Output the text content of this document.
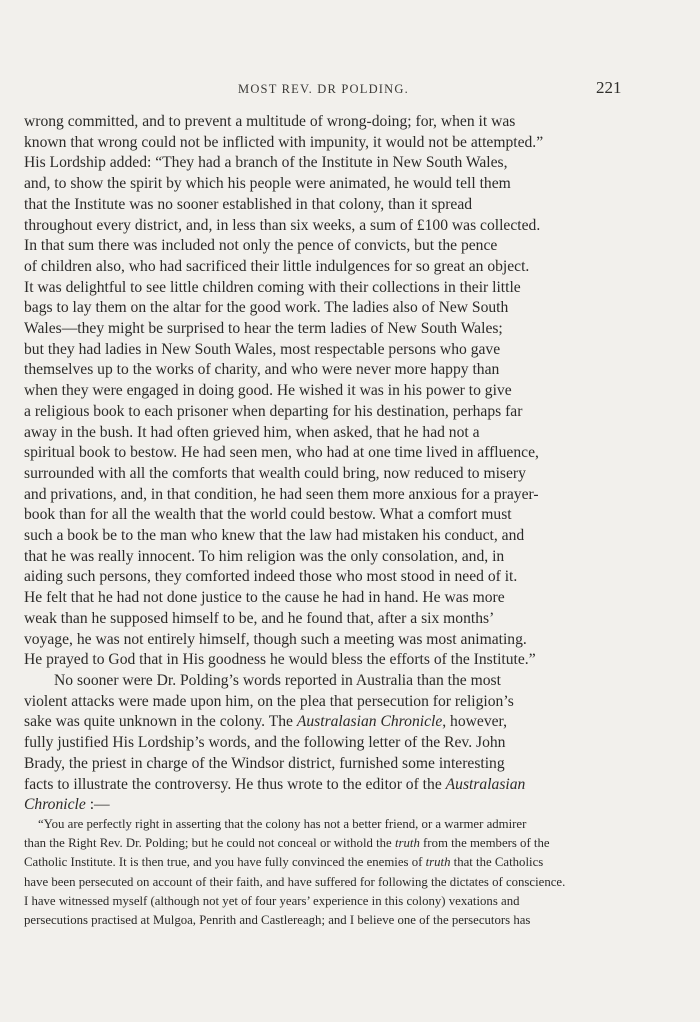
MOST REV. DR POLDING.	221
wrong committed, and to prevent a multitude of wrong-doing; for, when it was
known that wrong could not be inflicted with impunity, it would not be attempted.”
His Lordship added: “They had a branch of the Institute in New South Wales,
and, to show the spirit by which his people were animated, he would tell them
that the Institute was no sooner established in that colony, than it spread
throughout every district, and, in less than six weeks, a sum of £100 was collected.
In that sum there was included not only the pence of convicts, but the pence
of children also, who had sacrificed their little indulgences for so great an object.
It was delightful to see little children coming with their collections in their little
bags to lay them on the altar for the good work. The ladies also of New South
Wales—they might be surprised to hear the term ladies of New South Wales;
but they had ladies in New South Wales, most respectable persons who gave
themselves up to the works of charity, and who were never more happy than
when they were engaged in doing good. He wished it was in his power to give
a religious book to each prisoner when departing for his destination, perhaps far
away in the bush. It had often grieved him, when asked, that he had not a
spiritual book to bestow. He had seen men, who had at one time lived in affluence,
surrounded with all the comforts that wealth could bring, now reduced to misery
and privations, and, in that condition, he had seen them more anxious for a prayer-
book than for all the wealth that the world could bestow. What a comfort must
such a book be to the man who knew that the law had mistaken his conduct, and
that he was really innocent. To him religion was the only consolation, and, in
aiding such persons, they comforted indeed those who most stood in need of it.
He felt that he had not done justice to the cause he had in hand. He was more
weak than he supposed himself to be, and he found that, after a six months’
voyage, he was not entirely himself, though such a meeting was most animating.
He prayed to God that in His goodness he would bless the efforts of the Institute.”
No sooner were Dr. Polding’s words reported in Australia than the most
violent attacks were made upon him, on the plea that persecution for religion’s
sake was quite unknown in the colony. The Australasian Chronicle, however,
fully justified His Lordship’s words, and the following letter of the Rev. John
Brady, the priest in charge of the Windsor district, furnished some interesting
facts to illustrate the controversy. He thus wrote to the editor of the Australasian
Chronicle :—
“You are perfectly right in asserting that the colony has not a better friend, or a warmer admirer
than the Right Rev. Dr. Polding; but he could not conceal or withold the truth from the members of the
Catholic Institute. It is then true, and you have fully convinced the enemies of truth that the Catholics
have been persecuted on account of their faith, and have suffered for following the dictates of conscience.
I have witnessed myself (although not yet of four years’ experience in this colony) vexations and
persecutions practised at Mulgoa, Penrith and Castlereagh; and I believe one of the persecutors has
